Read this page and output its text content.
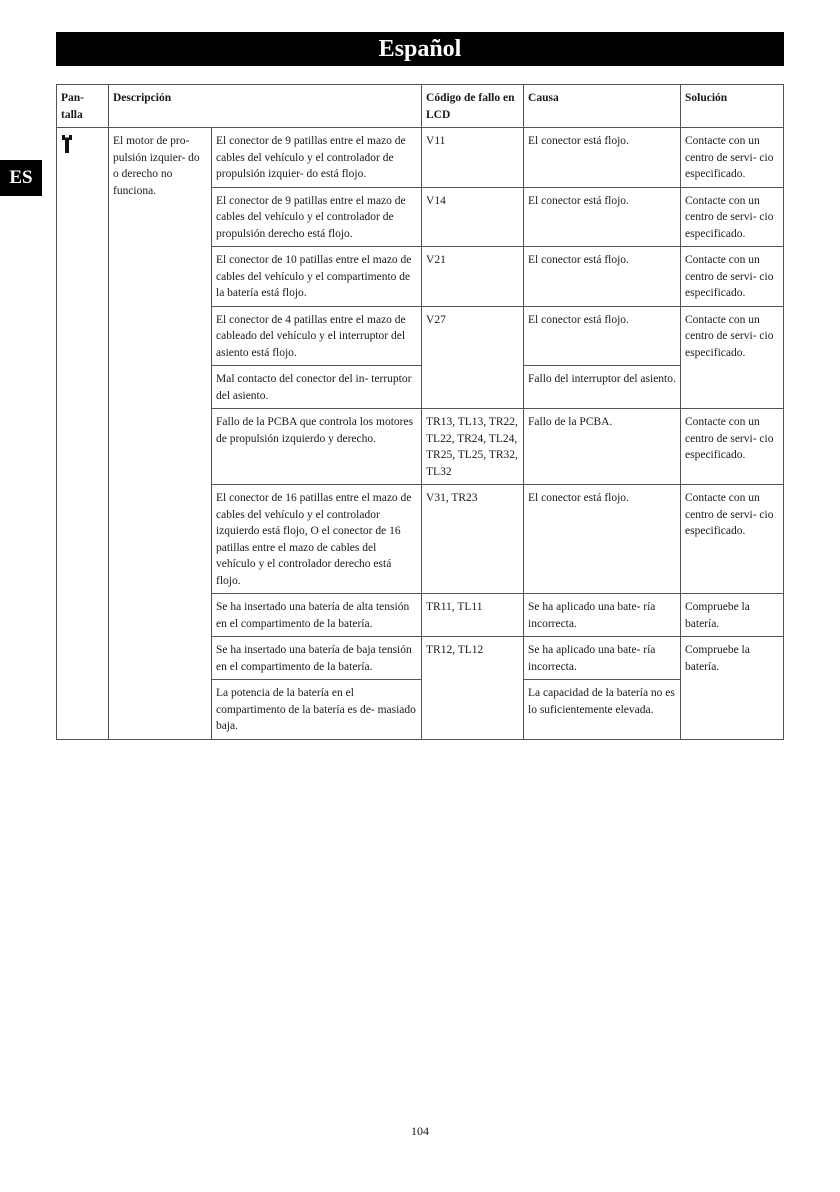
Español
ES
Pan- talla	Descripción		Código de fallo en LCD	Causa	Solución
	El motor de pro- pulsión izquier- do o derecho no funciona.	El conector de 9 patillas entre el mazo de cables del vehículo y el controlador de propulsión izquier- do está flojo.	V11	El conector está flojo.	Contacte con un centro de servi- cio especificado.
		El conector de 9 patillas entre el mazo de cables del vehículo y el controlador de propulsión derecho está flojo.	V14	El conector está flojo.	Contacte con un centro de servi- cio especificado.
		El conector de 10 patillas entre el mazo de cables del vehículo y el compartimento de la batería está flojo.	V21	El conector está flojo.	Contacte con un centro de servi- cio especificado.
		El conector de 4 patillas entre el mazo de cableado del vehículo y el interruptor del asiento está flojo.	V27	El conector está flojo.	Contacte con un centro de servi- cio especificado.
		Mal contacto del conector del in- terruptor del asiento.		Fallo del interruptor del asiento.	
		Fallo de la PCBA que controla los motores de propulsión izquierdo y derecho.	TR13, TL13, TR22, TL22, TR24, TL24, TR25, TL25, TR32, TL32	Fallo de la PCBA.	Contacte con un centro de servi- cio especificado.
		El conector de 16 patillas entre el mazo de cables del vehículo y el controlador izquierdo está flojo, O el conector de 16 patillas entre el mazo de cables del vehículo y el controlador derecho está flojo.	V31, TR23	El conector está flojo.	Contacte con un centro de servi- cio especificado.
		Se ha insertado una batería de alta tensión en el compartimento de la batería.	TR11, TL11	Se ha aplicado una bate- ría incorrecta.	Compruebe la batería.
		Se ha insertado una batería de baja tensión en el compartimento de la batería.	TR12, TL12	Se ha aplicado una bate- ría incorrecta.	Compruebe la batería.
		La potencia de la batería en el compartimento de la batería es de- masiado baja.		La capacidad de la batería no es lo suficientemente elevada.	
104
